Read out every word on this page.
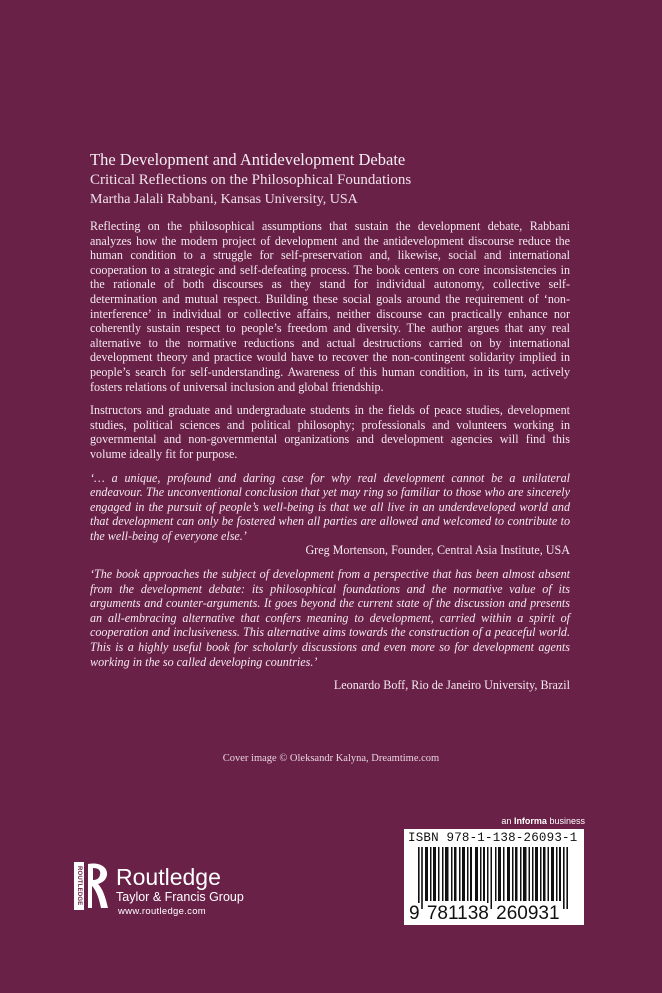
The Development and Antidevelopment Debate
Critical Reflections on the Philosophical Foundations
Martha Jalali Rabbani, Kansas University, USA

Reflecting on the philosophical assumptions that sustain the development debate, Rabbani analyzes how the modern project of development and the antidevelopment discourse reduce the human condition to a struggle for self-preservation and, likewise, social and international cooperation to a strategic and self-defeating process. The book centers on core inconsistencies in the rationale of both discourses as they stand for individual autonomy, collective self-determination and mutual respect. Building these social goals around the requirement of ‘non-interference’ in individual or collective affairs, neither discourse can practically enhance nor coherently sustain respect to people’s freedom and diversity. The author argues that any real alternative to the normative reductions and actual destructions carried on by international development theory and practice would have to recover the non-contingent solidarity implied in people’s search for self-understanding. Awareness of this human condition, in its turn, actively fosters relations of universal inclusion and global friendship.

Instructors and graduate and undergraduate students in the fields of peace studies, development studies, political sciences and political philosophy; professionals and volunteers working in governmental and non-governmental organizations and development agencies will find this volume ideally fit for purpose.

‘… a unique, profound and daring case for why real development cannot be a unilateral endeavour. The unconventional conclusion that yet may ring so familiar to those who are sincerely engaged in the pursuit of people’s well-being is that we all live in an underdeveloped world and that development can only be fostered when all parties are allowed and welcomed to contribute to the well-being of everyone else.’

Greg Mortenson, Founder, Central Asia Institute, USA

‘The book approaches the subject of development from a perspective that has been almost absent from the development debate: its philosophical foundations and the normative value of its arguments and counter-arguments. It goes beyond the current state of the discussion and presents an all-embracing alternative that confers meaning to development, carried within a spirit of cooperation and inclusiveness. This alternative aims towards the construction of a peaceful world. This is a highly useful book for scholarly discussions and even more so for development agents working in the so called developing countries.’

Leonardo Boff, Rio de Janeiro University, Brazil

Cover image © Oleksandr Kalyna, Dreamtime.com
an Informa business
ISBN 978-1-138-26093-1
9 781138 260931
ROUTLEDGE Routledge
Taylor & Francis Group
www.routledge.com
